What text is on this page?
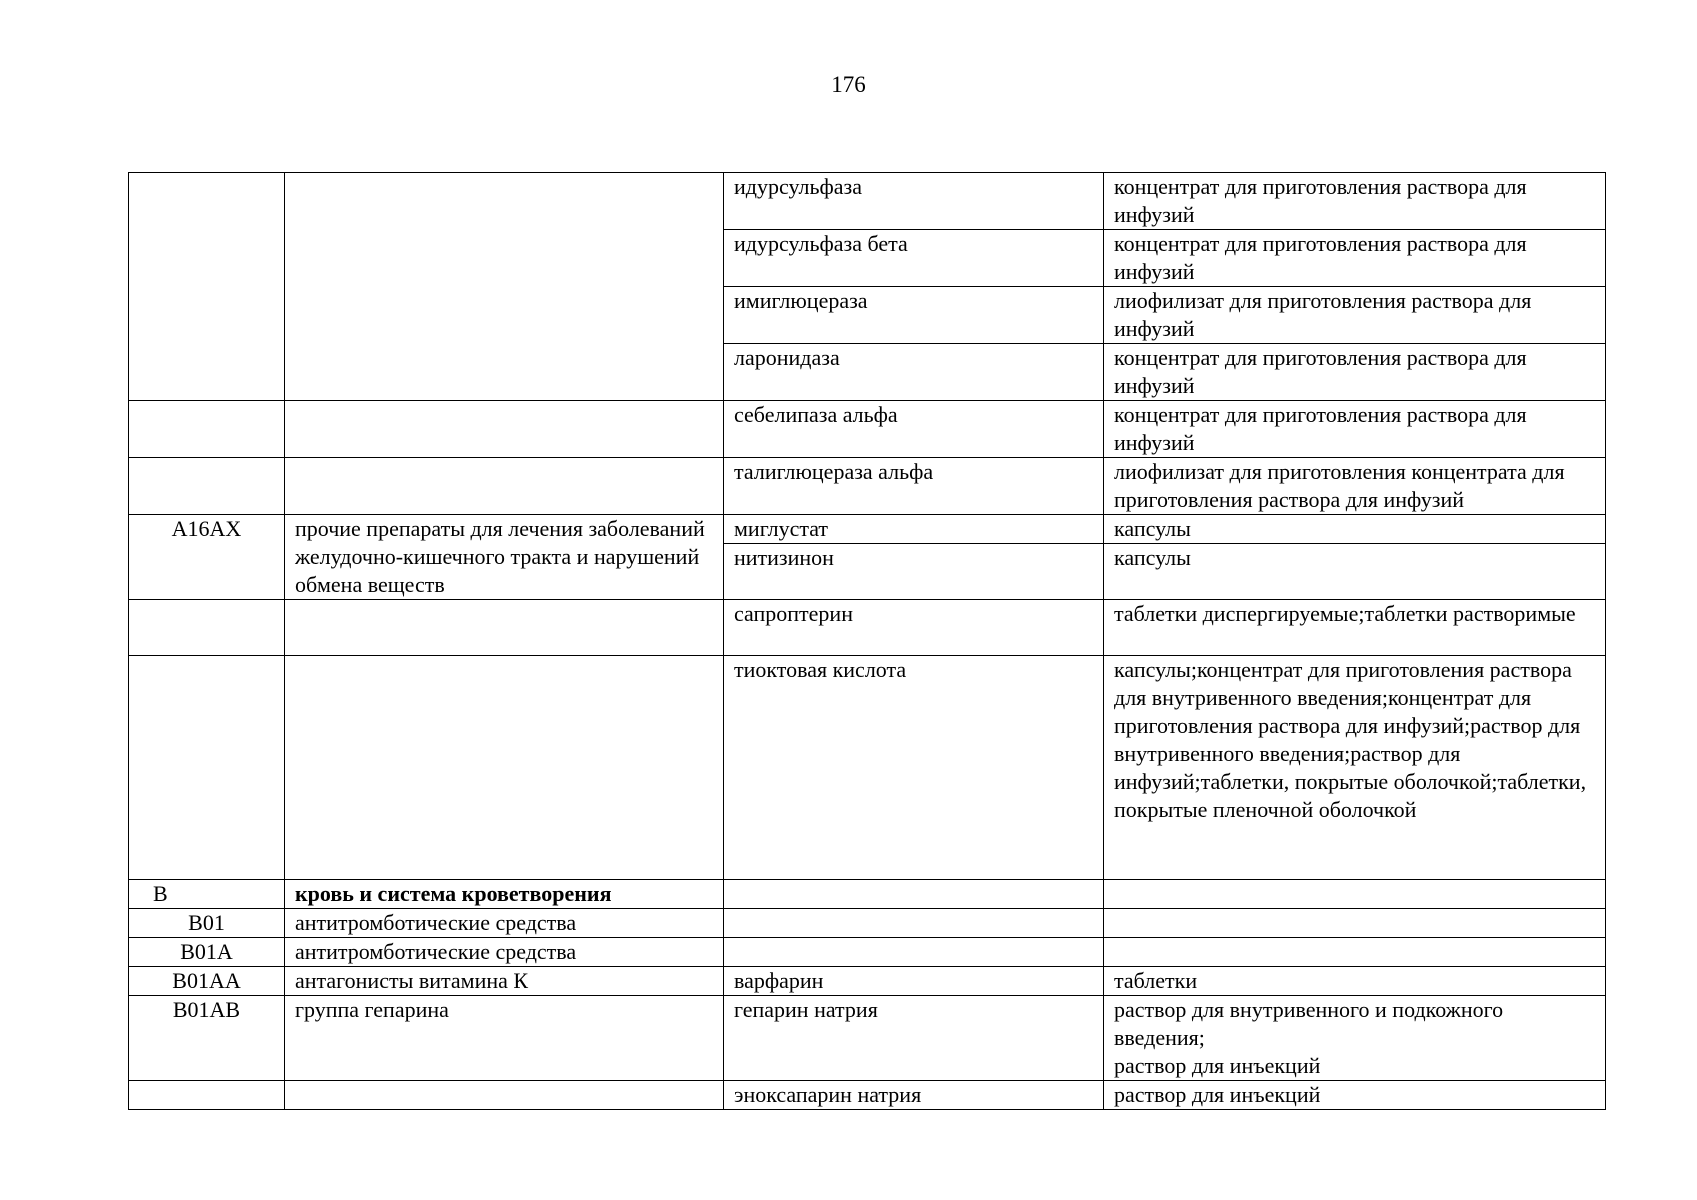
176
		идурсульфаза	концентрат для приготовления раствора для инфузий

		идурсульфаза бета	концентрат для приготовления раствора для инфузий

		имиглюцераза	лиофилизат для приготовления раствора для инфузий

		ларонидаза	концентрат для приготовления раствора для инфузий

		себелипаза альфа	концентрат для приготовления раствора для инфузий

		талиглюцераза альфа	лиофилизат для приготовления концентрата для приготовления раствора для инфузий

A16AX	прочие препараты для лечения заболеваний желудочно-кишечного тракта и нарушений обмена веществ	миглустат	капсулы

		нитизинон	капсулы

		сапроптерин	таблетки диспергируемые;таблетки растворимые

		тиоктовая кислота	капсулы;концентрат для приготовления раствора для внутривенного введения;концентрат для приготовления раствора для инфузий;раствор для внутривенного введения;раствор для инфузий;таблетки, покрытые оболочкой;таблетки, покрытые пленочной оболочкой

B	кровь и система кроветворения		

B01	антитромботические средства		

B01A	антитромботические средства		

B01AA	антагонисты витамина К	варфарин	таблетки

B01AB	группа гепарина	гепарин натрия	раствор для внутривенного и подкожного введения;
раствор для инъекций

		эноксапарин натрия	раствор для инъекций
